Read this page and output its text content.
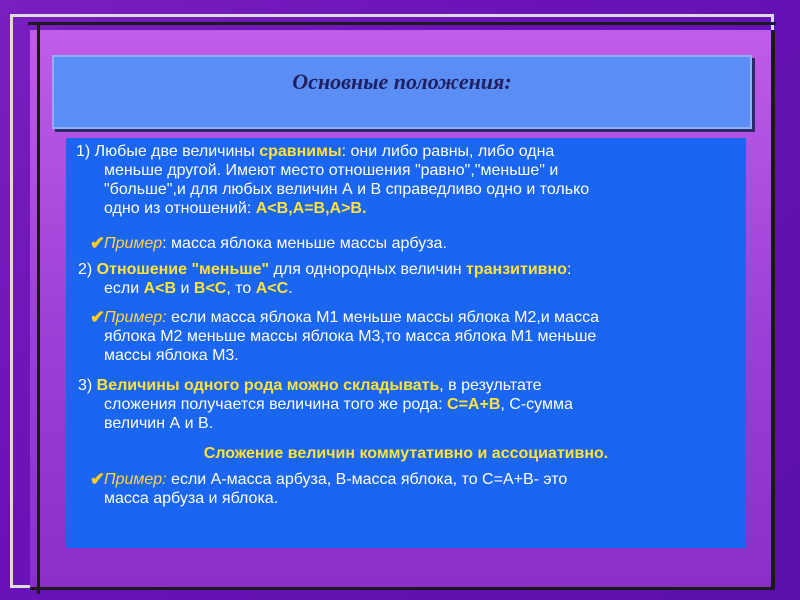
Основные положения:
1) Любые две величины сравнимы: они либо равны, либо одна
меньше другой. Имеют место отношения "равно","меньше" и
"больше",и для любых величин А и В справедливо одно и только
одно из отношений: А<В,А=В,А>В.
✔
Пример: масса яблока меньше массы арбуза.
2) Отношение "меньше" для однородных величин транзитивно:
если А<В и В<С, то А<С.
✔
Пример: если масса яблока М1 меньше массы яблока М2,и масса
яблока М2 меньше массы яблока М3,то масса яблока М1 меньше
массы яблока М3.
3) Величины одного рода можно складывать, в результате
сложения получается величина того же рода: С=А+В, С-сумма
величин А и В.
Сложение величин коммутативно и ассоциативно.
✔
Пример: если А-масса арбуза, В-масса яблока, то С=А+В- это
масса арбуза и яблока.
